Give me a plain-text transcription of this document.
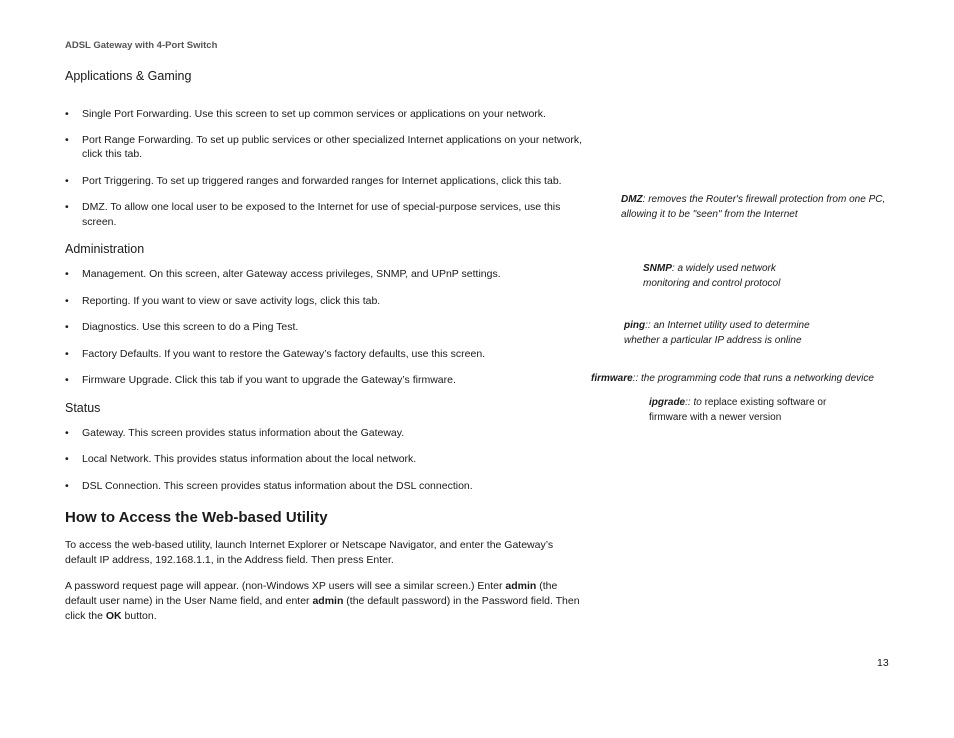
ADSL Gateway with 4-Port Switch

Applications & Gaming

• Single Port Forwarding. Use this screen to set up common services or applications on your network.
• Port Range Forwarding. To set up public services or other specialized Internet applications on your network, click this tab.
• Port Triggering. To set up triggered ranges and forwarded ranges for Internet applications, click this tab.
• DMZ. To allow one local user to be exposed to the Internet for use of special-purpose services, use this screen.

Administration

• Management. On this screen, alter Gateway access privileges, SNMP, and UPnP settings.
• Reporting. If you want to view or save activity logs, click this tab.
• Diagnostics. Use this screen to do a Ping Test.
• Factory Defaults. If you want to restore the Gateway’s factory defaults, use this screen.
• Firmware Upgrade. Click this tab if you want to upgrade the Gateway’s firmware.

Status

• Gateway. This screen provides status information about the Gateway.
• Local Network. This provides status information about the local network.
• DSL Connection. This screen provides status information about the DSL connection.
How to Access the Web-based Utility

To access the web-based utility, launch Internet Explorer or Netscape Navigator, and enter the Gateway’s default IP address, 192.168.1.1, in the Address field. Then press Enter.

A password request page will appear. (non-Windows XP users will see a similar screen.) Enter admin (the default user name) in the User Name field, and enter admin (the default password) in the Password field. Then click the OK button.

DMZ: removes the Router's firewall protection from one PC, allowing it to be "seen" from the Internet
SNMP: a widely used network monitoring and control protocol
ping:: an Internet utility used to determine whether a particular IP address is online
firmware:: the programming code that runs a networking device
ipgrade:: to replace existing software or firmware with a newer version
13
